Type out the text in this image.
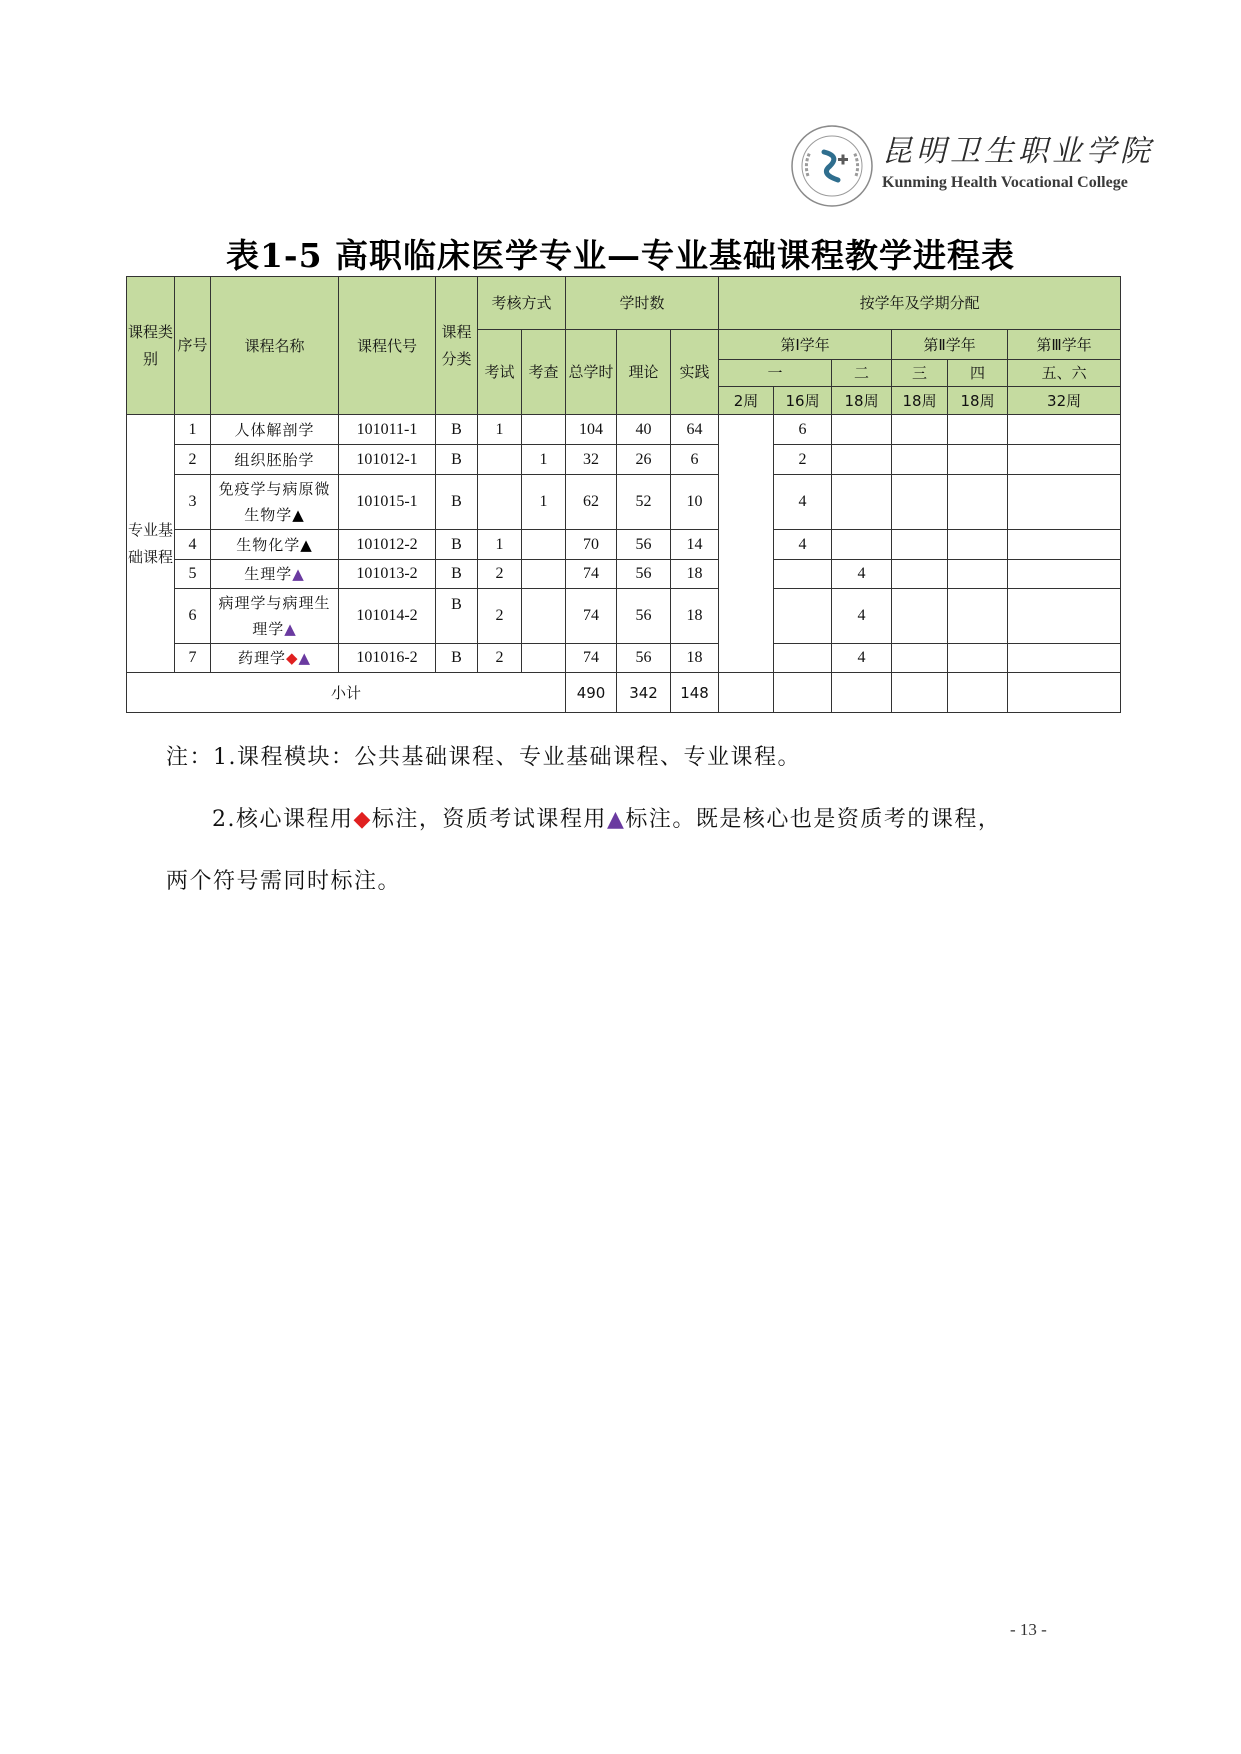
昆明卫生职业学院
Kunming Health Vocational College
表1-5 高职临床医学专业—专业基础课程教学进程表
课程类别	序号	课程名称	课程代号	课程分类	考核方式		学时数			按学年及学期分配					
					考试	考查	总学时	理论	实践	第Ⅰ学年			第Ⅱ学年		第Ⅲ学年
										一		二	三	四	五、六
										2周	16周	18周	18周	18周	32周
专业基础课程	1	人体解剖学	101011-1	B	1		104	40	64		6				
	2	组织胚胎学	101012-1	B		1	32	26	6		2				
	3	免疫学与病原微生物学▲	101015-1	B		1	62	52	10		4				
	4	生物化学▲	101012-2	B	1		70	56	14		4				
	5	生理学▲	101013-2	B	2		74	56	18			4			
	6	病理学与病理生理学▲	101014-2	B	2		74	56	18			4			
	7	药理学◆▲	101016-2	B	2		74	56	18			4			
小计							490	342	148						
注：1.课程模块：公共基础课程、专业基础课程、专业课程。
2.核心课程用◆标注，资质考试课程用▲标注。既是核心也是资质考的课程，
两个符号需同时标注。
- 13 -
